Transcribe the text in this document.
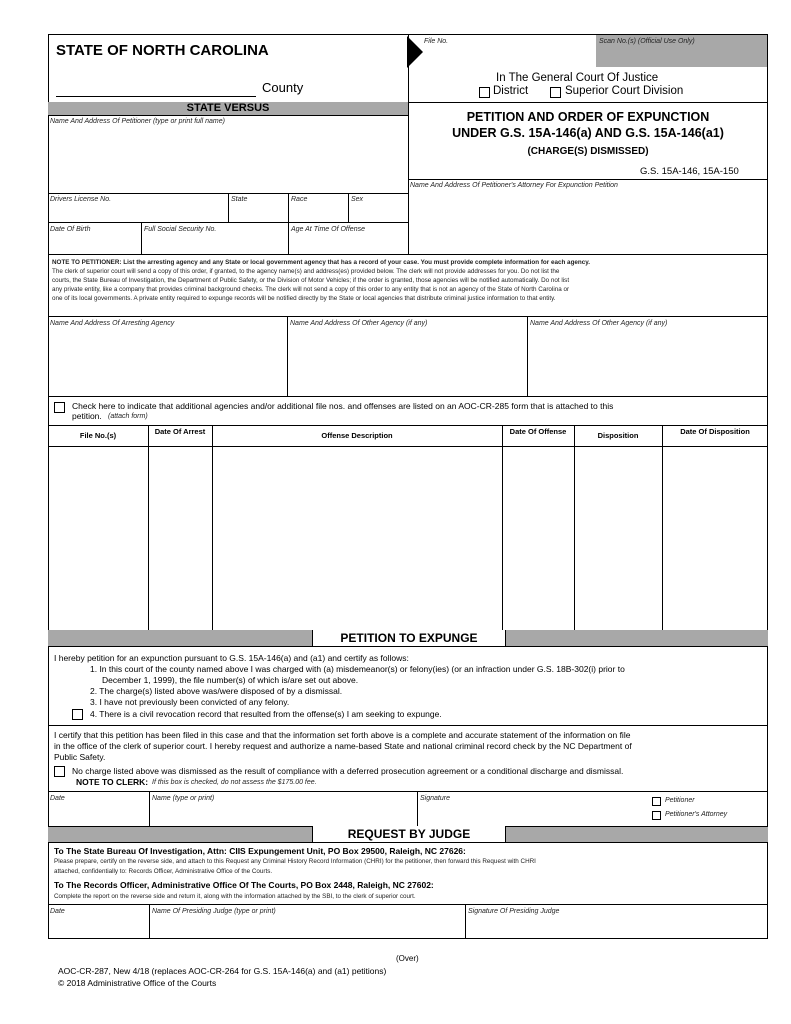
STATE OF NORTH CAROLINA
County
File No.	Scan No.(s) (Official Use Only)
In The General Court Of Justice
District	Superior Court Division
STATE VERSUS
Name And Address Of Petitioner (type or print full name)	PETITION AND ORDER OF EXPUNCTION
UNDER G.S. 15A-146(a) AND G.S. 15A-146(a1)
(CHARGE(S) DISMISSED)
G.S. 15A-146, 15A-150
Name And Address Of Petitioner's Attorney For Expunction Petition
Drivers License No.	State	Race	Sex
Date Of Birth	Full Social Security No.	Age At Time Of Offense
NOTE TO PETITIONER: List the arresting agency and any State or local government agency that has a record of your case. You must provide complete information for each agency.
The clerk of superior court will send a copy of this order, if granted, to the agency name(s) and address(es) provided below. The clerk will not provide addresses for you. Do not list the
courts, the State Bureau of Investigation, the Department of Public Safety, or the Division of Motor Vehicles; if the order is granted, those agencies will be notified automatically. Do not list
any private entity, like a company that provides criminal background checks. The clerk will not send a copy of this order to any entity that is not an agency of the State of North Carolina or
one of its local governments. A private entity required to expunge records will be notified directly by the State or local agencies that distribute criminal justice information to that entity.
Name And Address Of Arresting Agency	Name And Address Of Other Agency (if any)	Name And Address Of Other Agency (if any)
Check here to indicate that additional agencies and/or additional file nos. and offenses are listed on an AOC-CR-285 form that is attached to this
petition. (attach form)
File No.(s)	Date Of Arrest	Offense Description	Date Of Offense	Disposition	Date Of Disposition
PETITION TO EXPUNGE
I hereby petition for an expunction pursuant to G.S. 15A-146(a) and (a1) and certify as follows:
1. In this court of the county named above I was charged with (a) misdemeanor(s) or felony(ies) (or an infraction under G.S. 18B-302(i) prior to
December 1, 1999), the file number(s) of which is/are set out above.
2. The charge(s) listed above was/were disposed of by a dismissal.
3. I have not previously been convicted of any felony.
4. There is a civil revocation record that resulted from the offense(s) I am seeking to expunge.
I certify that this petition has been filed in this case and that the information set forth above is a complete and accurate statement of the information on file
in the office of the clerk of superior court. I hereby request and authorize a name-based State and national criminal record check by the NC Department of
Public Safety.
No charge listed above was dismissed as the result of compliance with a deferred prosecution agreement or a conditional discharge and dismissal.
NOTE TO CLERK: If this box is checked, do not assess the $175.00 fee.
Date	Name (type or print)	Signature	Petitioner
Petitioner's Attorney
REQUEST BY JUDGE
To The State Bureau Of Investigation, Attn: CIIS Expungement Unit, PO Box 29500, Raleigh, NC 27626:
Please prepare, certify on the reverse side, and attach to this Request any Criminal History Record Information (CHRI) for the petitioner, then forward this Request with CHRI
attached, confidentially to: Records Officer, Administrative Office of the Courts.
To The Records Officer, Administrative Office Of The Courts, PO Box 2448, Raleigh, NC 27602:
Complete the report on the reverse side and return it, along with the information attached by the SBI, to the clerk of superior court.
Date	Name Of Presiding Judge (type or print)	Signature Of Presiding Judge
(Over)
AOC-CR-287, New 4/18 (replaces AOC-CR-264 for G.S. 15A-146(a) and (a1) petitions)
© 2018 Administrative Office of the Courts
